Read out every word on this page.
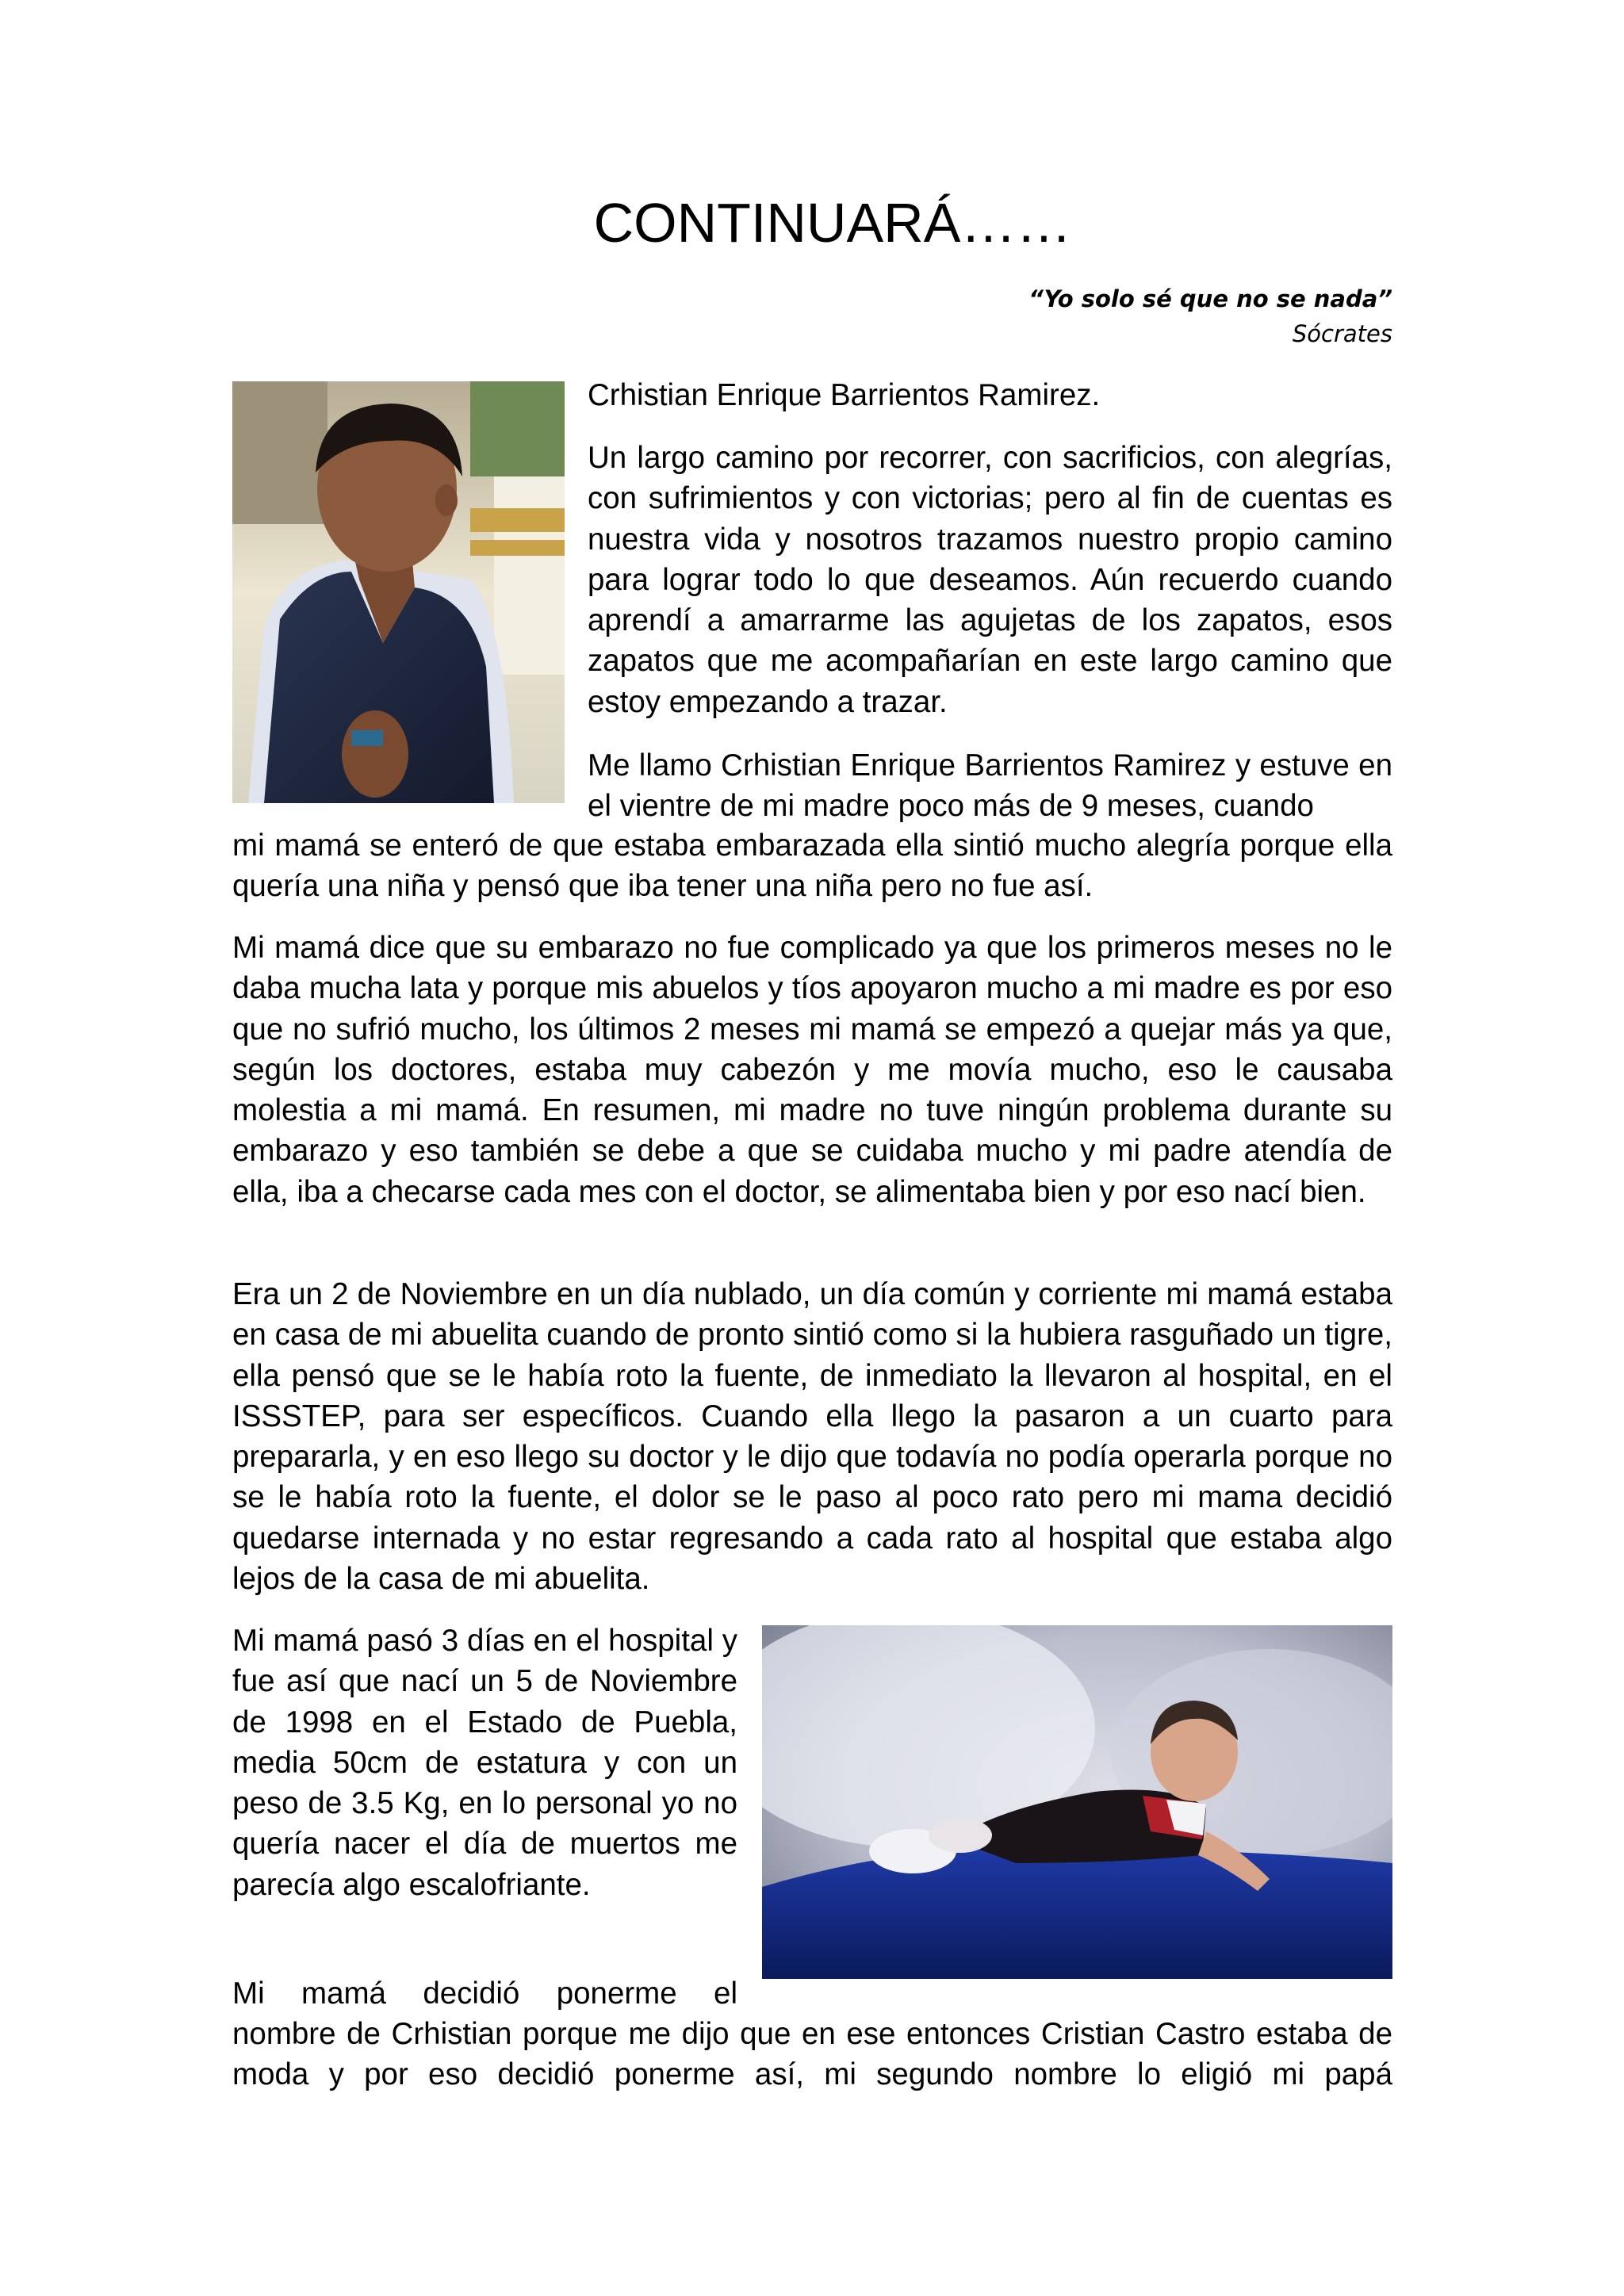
CONTINUARÁ……
“Yo solo sé que no se nada”
Sócrates
Crhistian Enrique Barrientos Ramirez.

Un largo camino por recorrer, con sacrificios, con alegrías, con sufrimientos y con victorias; pero al fin de cuentas es nuestra vida y nosotros trazamos nuestro propio camino para lograr todo lo que deseamos. Aún recuerdo cuando aprendí a amarrarme las agujetas de los zapatos, esos zapatos que me acompañarían en este largo camino que estoy empezando a trazar.

Me llamo Crhistian Enrique Barrientos Ramirez y estuve en el vientre de mi madre poco más de 9 meses, cuando

mi mamá se enteró de que estaba embarazada ella sintió mucho alegría porque ella quería una niña y pensó que iba tener una niña pero no fue así.

Mi mamá dice que su embarazo no fue complicado ya que los primeros meses no le daba mucha lata y porque mis abuelos y tíos apoyaron mucho a mi madre es por eso que no sufrió mucho, los últimos 2 meses mi mamá se empezó a quejar más ya que, según los doctores, estaba muy cabezón y me movía mucho, eso le causaba molestia a mi mamá. En resumen, mi madre no tuve ningún problema durante su embarazo y eso también se debe a que se cuidaba mucho y mi padre atendía de ella, iba a checarse cada mes con el doctor, se alimentaba bien y por eso nací bien.

Era un 2 de Noviembre en un día nublado, un día común y corriente mi mamá estaba en casa de mi abuelita cuando de pronto sintió como si la hubiera rasguñado un tigre, ella pensó que se le había roto la fuente, de inmediato la llevaron al hospital, en el ISSSTEP, para ser específicos. Cuando ella llego la pasaron a un cuarto para prepararla, y en eso llego su doctor y le dijo que todavía no podía operarla porque no se le había roto la fuente, el dolor se le paso al poco rato pero mi mama decidió quedarse internada y no estar regresando a cada rato al hospital que estaba algo lejos de la casa de mi abuelita.

Mi mamá pasó 3 días en el hospital y fue así que nací un 5 de Noviembre de 1998 en el Estado de Puebla, media 50cm de estatura y con un peso de 3.5 Kg, en lo personal yo no quería nacer el día de muertos me parecía algo escalofriante.

Mi mamá decidió ponerme el

nombre de Crhistian porque me dijo que en ese entonces Cristian Castro estaba de moda y por eso decidió ponerme así, mi segundo nombre lo eligió mi papá
